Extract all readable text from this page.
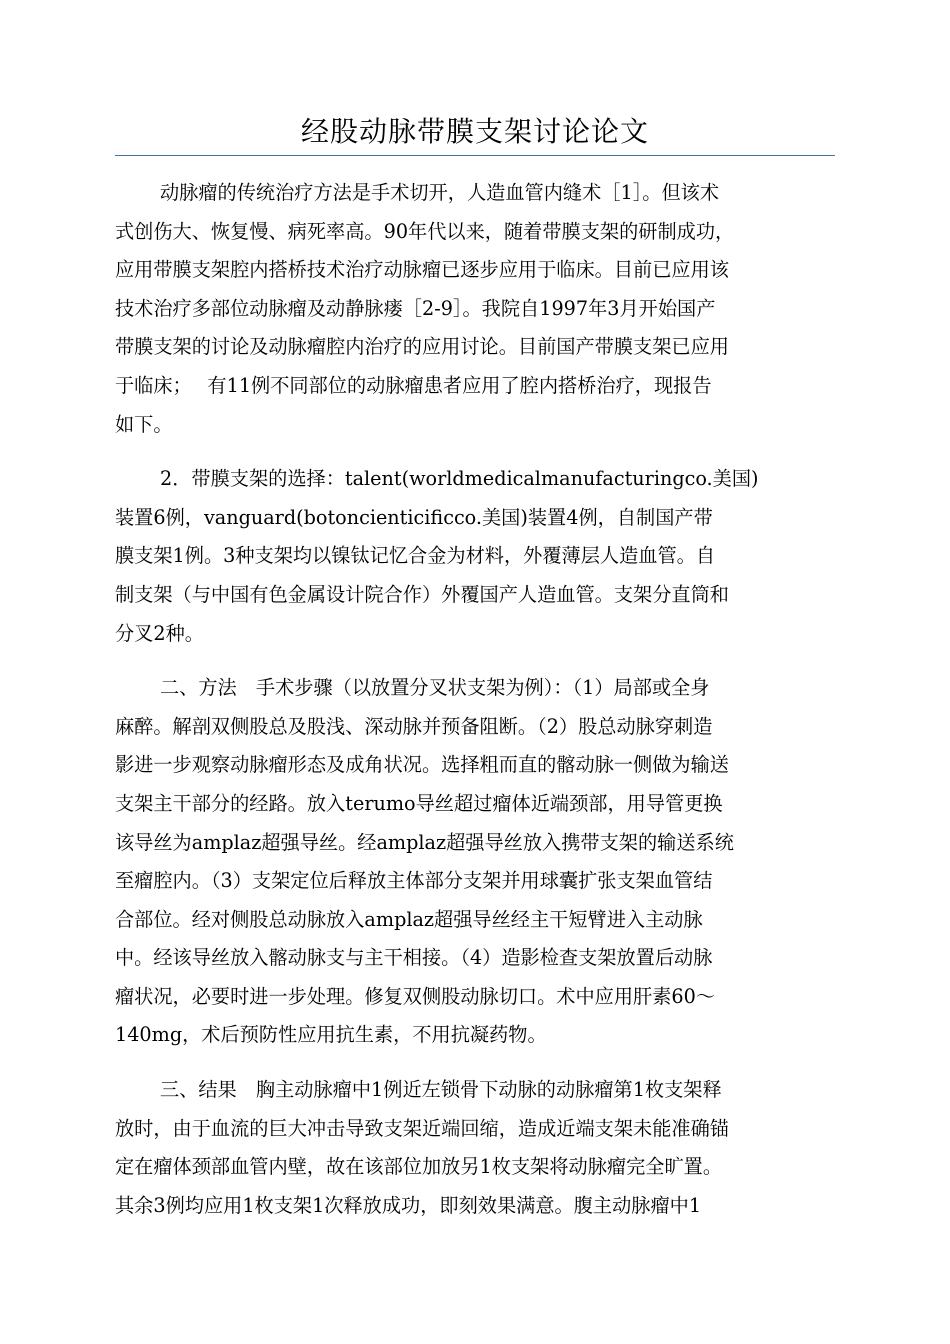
经股动脉带膜支架讨论论文
动脉瘤的传统治疗方法是手术切开，人造血管内缝术［1］。但该术
式创伤大、恢复慢、病死率高。90年代以来，随着带膜支架的研制成功，
应用带膜支架腔内搭桥技术治疗动脉瘤已逐步应用于临床。目前已应用该
技术治疗多部位动脉瘤及动静脉瘘［2-9］。我院自1997年3月开始国产
带膜支架的讨论及动脉瘤腔内治疗的应用讨论。目前国产带膜支架已应用
于临床；　 有11例不同部位的动脉瘤患者应用了腔内搭桥治疗，现报告
如下。
2．带膜支架的选择：talent(worldmedicalmanufacturingco.美国)
装置6例，vanguard(botoncienticificco.美国)装置4例，自制国产带
膜支架1例。3种支架均以镍钛记忆合金为材料，外覆薄层人造血管。自
制支架（与中国有色金属设计院合作）外覆国产人造血管。支架分直筒和
分叉2种。
二、方法　手术步骤（以放置分叉状支架为例）：（1）局部或全身
麻醉。解剖双侧股总及股浅、深动脉并预备阻断。（2）股总动脉穿刺造
影进一步观察动脉瘤形态及成角状况。选择粗而直的髂动脉一侧做为输送
支架主干部分的经路。放入terumo导丝超过瘤体近端颈部，用导管更换
该导丝为amplaz超强导丝。经amplaz超强导丝放入携带支架的输送系统
至瘤腔内。（3）支架定位后释放主体部分支架并用球囊扩张支架血管结
合部位。经对侧股总动脉放入amplaz超强导丝经主干短臂进入主动脉
中。经该导丝放入髂动脉支与主干相接。（4）造影检查支架放置后动脉
瘤状况，必要时进一步处理。修复双侧股动脉切口。术中应用肝素60～
140mg，术后预防性应用抗生素，不用抗凝药物。
三、结果　胸主动脉瘤中1例近左锁骨下动脉的动脉瘤第1枚支架释
放时，由于血流的巨大冲击导致支架近端回缩，造成近端支架未能准确锚
定在瘤体颈部血管内壁，故在该部位加放另1枚支架将动脉瘤完全旷置。
其余3例均应用1枚支架1次释放成功，即刻效果满意。腹主动脉瘤中1
